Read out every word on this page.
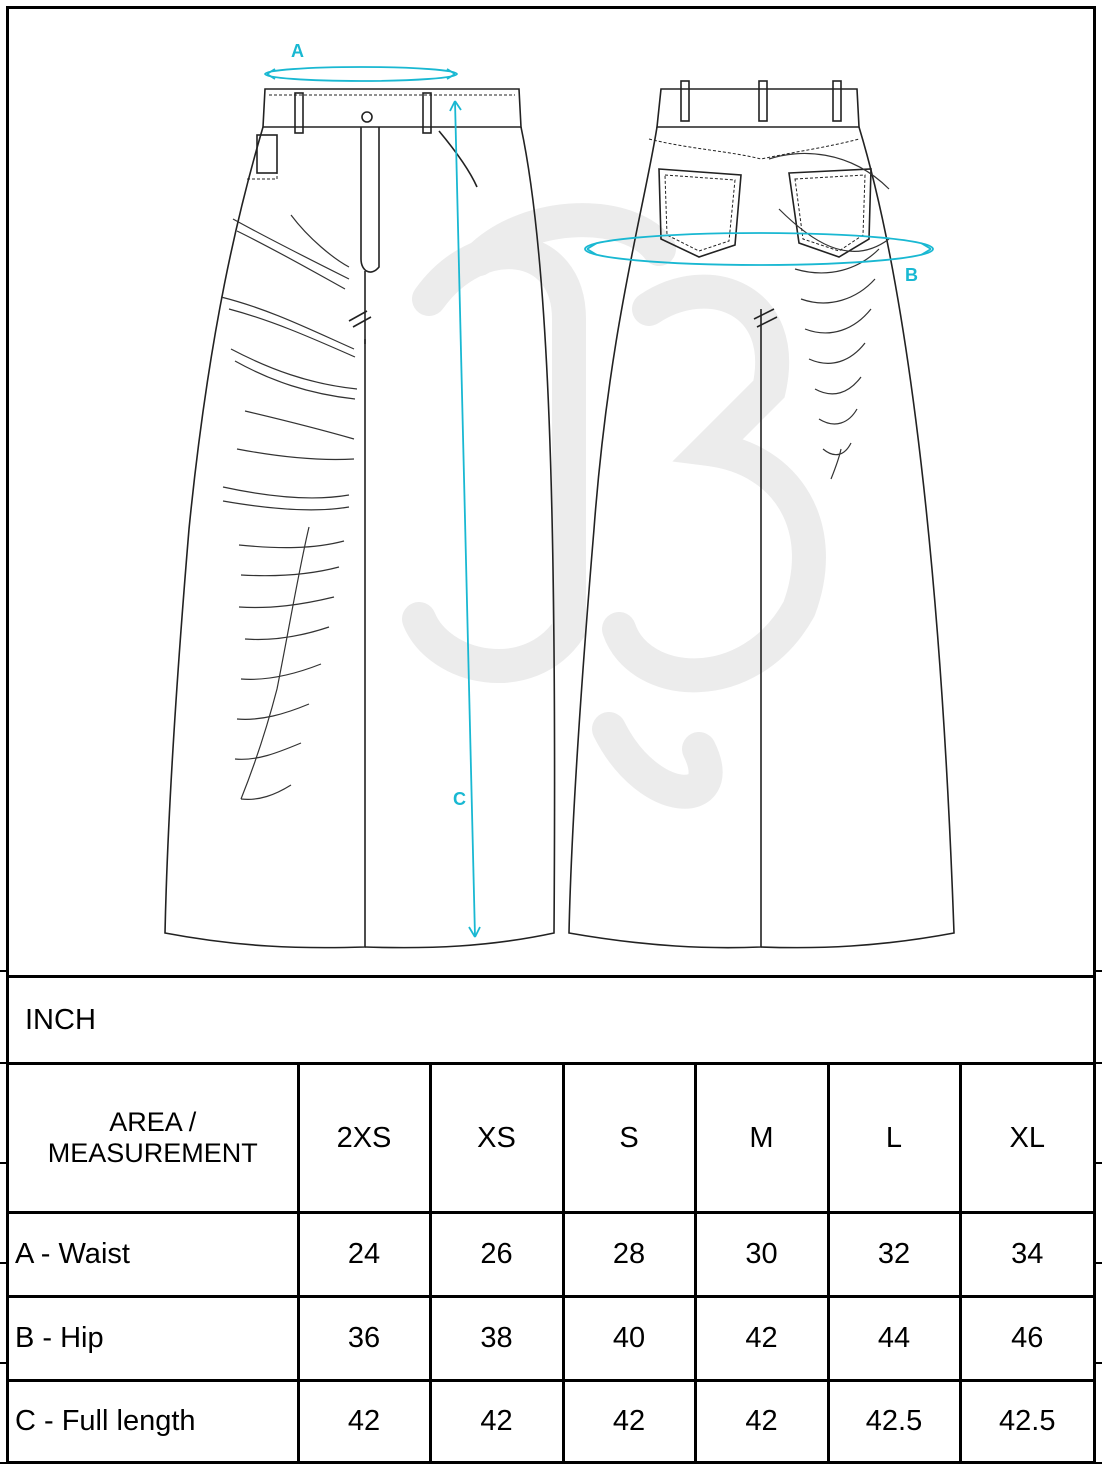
A
B
C
INCH
AREA /
MEASUREMENT	2XS	XS	S	M	L	XL
A - Waist	24	26	28	30	32	34
B - Hip	36	38	40	42	44	46
C - Full length	42	42	42	42	42.5	42.5
